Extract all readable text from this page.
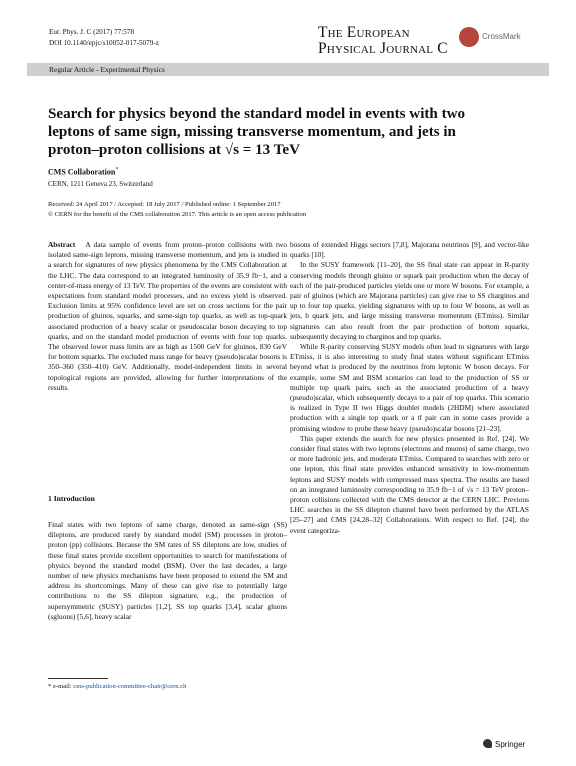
Eur. Phys. J. C (2017) 77:578
DOI 10.1140/epjc/s10052-017-5079-z
The European
Physical Journal C
CrossMark
Regular Article - Experimental Physics
Search for physics beyond the standard model in events with two
leptons of same sign, missing transverse momentum, and jets in
proton–proton collisions at √s = 13 TeV
CMS Collaboration*
CERN, 1211 Geneva 23, Switzerland
Received: 24 April 2017 / Accepted: 18 July 2017 / Published online: 1 September 2017
© CERN for the benefit of the CMS collaboration 2017. This article is an open access publication

Abstract A data sample of events from proton–proton collisions with two isolated same-sign leptons, missing transverse momentum, and jets is studied in a search for signatures of new physics phenomena by the CMS Collaboration at the LHC. The data correspond to an integrated luminosity of 35.9 fb−1, and a center-of-mass energy of 13 TeV. The properties of the events are consistent with expectations from standard model processes, and no excess yield is observed. Exclusion limits at 95% confidence level are set on cross sections for the pair production of gluinos, squarks, and same-sign top quarks, as well as top-quark associated production of a heavy scalar or pseudoscalar boson decaying to top quarks, and on the standard model production of events with four top quarks. The observed lower mass limits are as high as 1500 GeV for gluinos, 830 GeV for bottom squarks. The excluded mass range for heavy (pseudo)scalar bosons is 350–360 (350–410) GeV. Additionally, model-independent limits in several topological regions are provided, allowing for further interpretations of the results.

1 Introduction

Final states with two leptons of same charge, denoted as same-sign (SS) dileptons, are produced rarely by standard model (SM) processes in proton–proton (pp) collisions. Because the SM rates of SS dileptons are low, studies of these final states provide excellent opportunities to search for manifestations of physics beyond the standard model (BSM). Over the last decades, a large number of new physics mechanisms have been proposed to extend the SM and address its shortcomings. Many of these can give rise to potentially large contributions to the SS dilepton signature, e.g., the production of supersymmetric (SUSY) particles [1,2], SS top quarks [3,4], scalar gluons (sgluons) [5,6], heavy scalar

bosons of extended Higgs sectors [7,8], Majorana neutrinos [9], and vector-like quarks [10].

In the SUSY framework [11–20], the SS final state can appear in R-parity conserving models through gluino or squark pair production when the decay of each of the pair-produced particles yields one or more W bosons. For example, a pair of gluinos (which are Majorana particles) can give rise to SS charginos and up to four top quarks, yielding signatures with up to four W bosons, as well as jets, b quark jets, and large missing transverse momentum (ETmiss). Similar signatures can also result from the pair production of bottom squarks, subsequently decaying to charginos and top quarks.

While R-parity conserving SUSY models often lead to signatures with large ETmiss, it is also interesting to study final states without significant ETmiss beyond what is produced by the neutrinos from leptonic W boson decays. For example, some SM and BSM scenarios can lead to the production of SS or multiple top quark pairs, such as the associated production of a heavy (pseudo)scalar, which subsequently decays to a pair of top quarks. This scenario is realized in Type II two Higgs doublet models (2HDM) where associated production with a single top quark or a tt̄ pair can in some cases provide a promising window to probe these heavy (pseudo)scalar bosons [21–23].

This paper extends the search for new physics presented in Ref. [24]. We consider final states with two leptons (electrons and muons) of same charge, two or more hadronic jets, and moderate ETmiss. Compared to searches with zero or one lepton, this final state provides enhanced sensitivity to low-momentum leptons and SUSY models with compressed mass spectra. The results are based on an integrated luminosity corresponding to 35.9 fb−1 of √s = 13 TeV proton–proton collisions collected with the CMS detector at the CERN LHC. Previous LHC searches in the SS dilepton channel have been performed by the ATLAS [25–27] and CMS [24,28–32] Collaborations. With respect to Ref. [24], the event categoriza-

* e-mail: cms-publication-committee-chair@cern.ch
Springer
